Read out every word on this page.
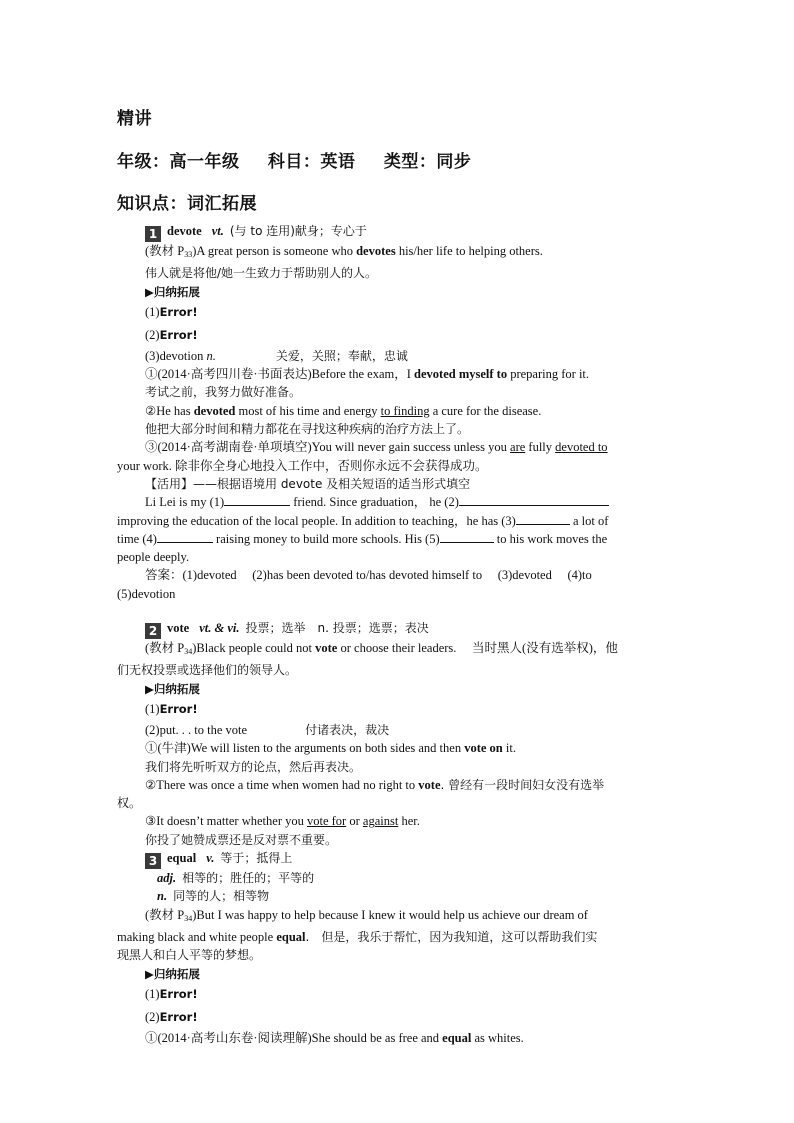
精讲
年级：高一年级 科目：英语 类型：同步
知识点：词汇拓展
1 devote vt. (与 to 连用)献身；专心于
(教材 $P_{33})A$ great person is someone who devotes his/her life to helping others.
伟人就是将他/她一生致力于帮助别人的人。
▶归纳拓展
(1)Error!
(2)Error!
(3)devotion n.	关爱，关照；奉献，忠诚
①(2014·高考四川卷·书面表达)Before the exam，I devoted myself to preparing for it.
考试之前，我努力做好准备。
②He has devoted most of his time and energy to finding a cure for the disease.
他把大部分时间和精力都花在寻找这种疾病的治疗方法上了。
③(2014·高考湖南卷·单项填空)You will never gain success unless you are fully devoted to
your work. 除非你全身心地投入工作中，否则你永远不会获得成功。
【活用】——根据语境用 devote 及相关短语的适当形式填空
Li Lei is my (1)	friend. Since graduation， he (2)
improving the education of the local people. In addition to teaching，he has (3)	a lot of
time (4)	raising money to build more schools. His (5)	to his work moves the
people deeply.
答案：(1)devoted　 (2)has been devoted to/has devoted himself to　 (3)devoted　 (4)to
(5)devotion
2 vote vt. & vi. 投票；选举　n. 投票；选票；表决
(教材 $P_{34})Black$ people could not vote or choose their leaders.　 当时黑人(没有选举权)，他
们无权投票或选择他们的领导人。
▶归纳拓展
(1)Error!
(2)put. . . to the vote	付诸表决，裁决
①(牛津)We will listen to the arguments on both sides and then vote on it.
我们将先听听双方的论点，然后再表决。
②There was once a time when women had no right to vote. 曾经有一段时间妇女没有选举
权。
③It doesn’t matter whether you vote for or against her.
你投了她赞成票还是反对票不重要。
3 equal v. 等于；抵得上
adj. 相等的；胜任的；平等的
n. 同等的人；相等物
(教材 $P_{34})But$ I was happy to help because I knew it would help us achieve our dream of
making black and white people equal.　但是，我乐于帮忙，因为我知道，这可以帮助我们实
现黑人和白人平等的梦想。
▶归纳拓展
(1)Error!
(2)Error!
①(2014·高考山东卷·阅读理解)She should be as free and equal as whites.
